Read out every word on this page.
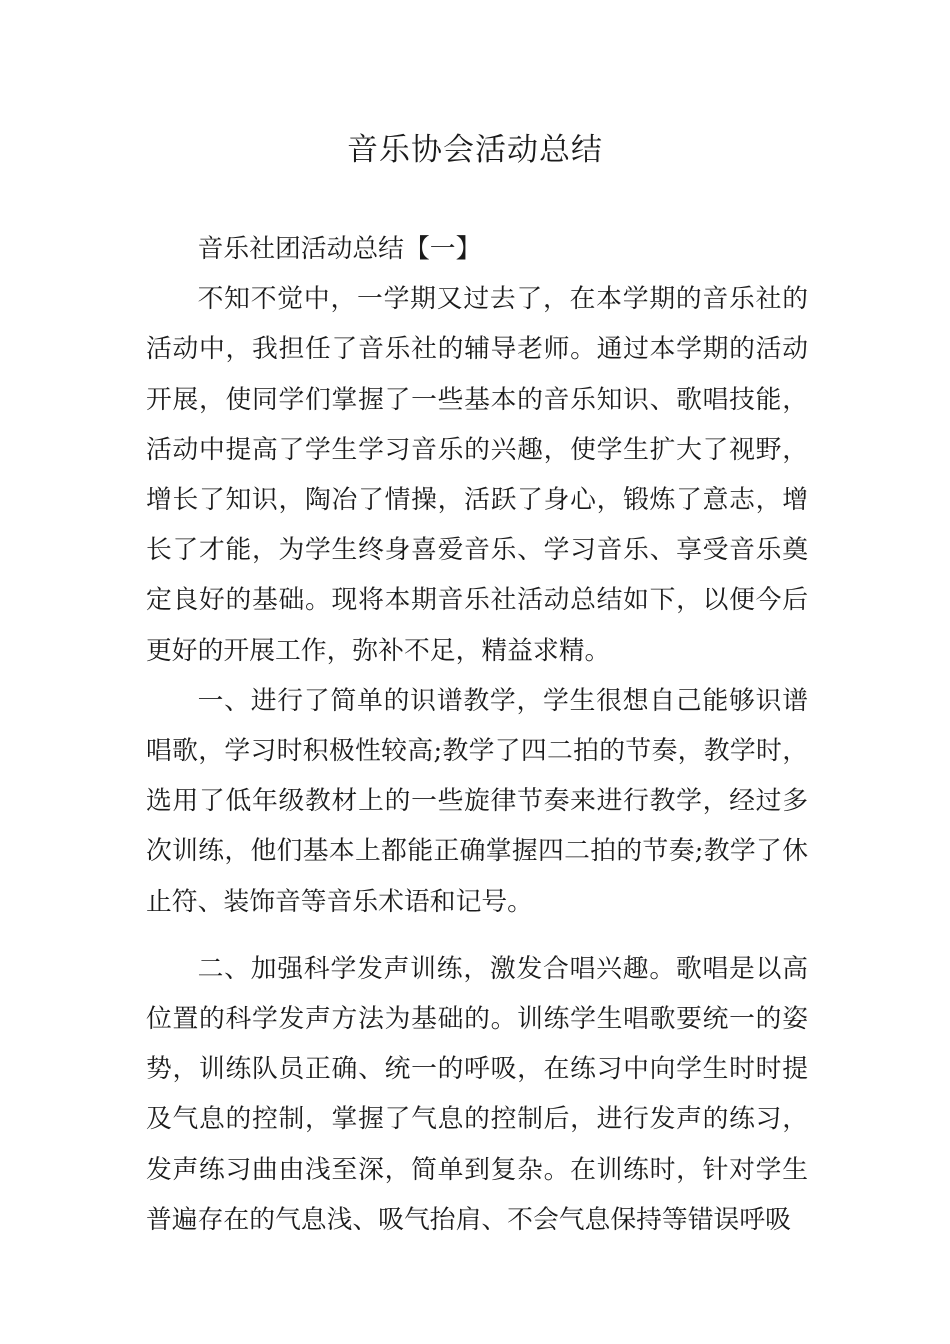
音乐协会活动总结

音乐社团活动总结【一】

不知不觉中，一学期又过去了，在本学期的音乐社的活动中，我担任了音乐社的辅导老师。通过本学期的活动开展，使同学们掌握了一些基本的音乐知识、歌唱技能，活动中提高了学生学习音乐的兴趣，使学生扩大了视野，增长了知识，陶冶了情操，活跃了身心，锻炼了意志，增长了才能，为学生终身喜爱音乐、学习音乐、享受音乐奠定良好的基础。现将本期音乐社活动总结如下，以便今后更好的开展工作，弥补不足，精益求精。

一、进行了简单的识谱教学，学生很想自己能够识谱唱歌，学习时积极性较高;教学了四二拍的节奏，教学时，选用了低年级教材上的一些旋律节奏来进行教学，经过多次训练，他们基本上都能正确掌握四二拍的节奏;教学了休止符、装饰音等音乐术语和记号。

二、加强科学发声训练，激发合唱兴趣。歌唱是以高位置的科学发声方法为基础的。训练学生唱歌要统一的姿势，训练队员正确、统一的呼吸，在练习中向学生时时提及气息的控制，掌握了气息的控制后，进行发声的练习，发声练习曲由浅至深，简单到复杂。在训练时，针对学生普遍存在的气息浅、吸气抬肩、不会气息保持等错误呼吸
